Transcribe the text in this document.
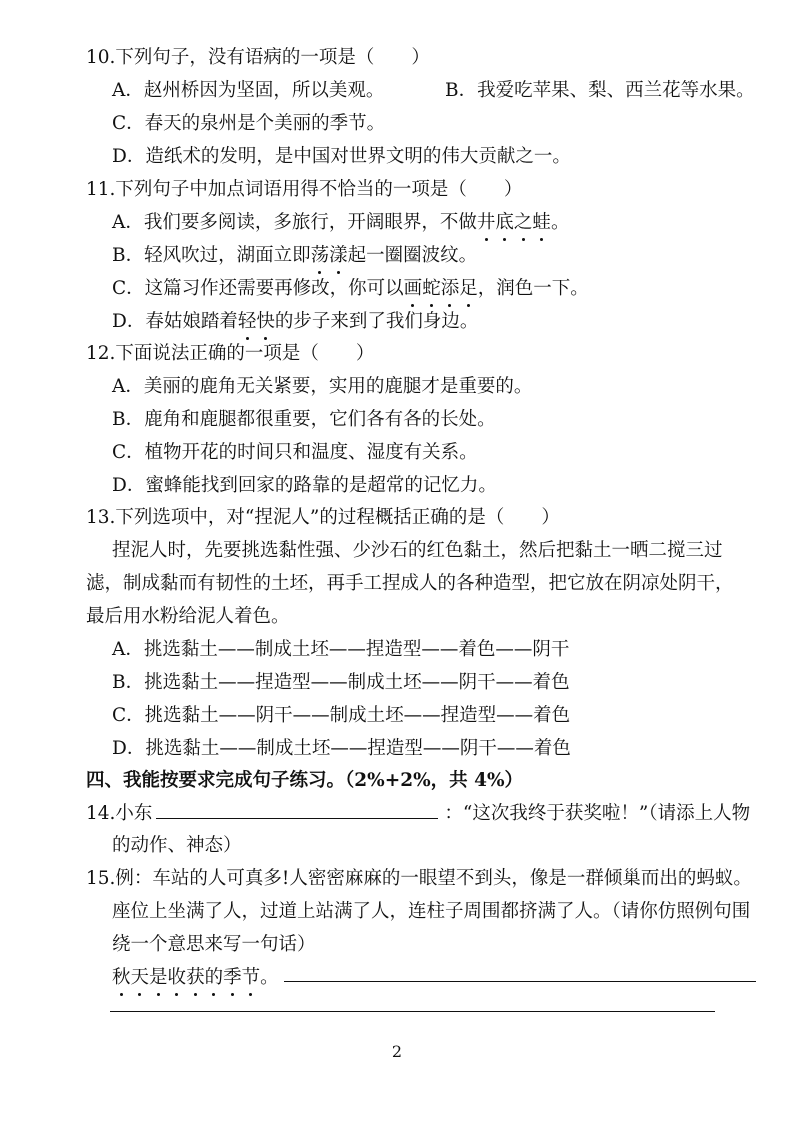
10.下列句子，没有语病的一项是（　　）
A．赵州桥因为坚固，所以美观。	B．我爱吃苹果、梨、西兰花等水果。
C．春天的泉州是个美丽的季节。
D．造纸术的发明，是中国对世界文明的伟大贡献之一。
11.下列句子中加点词语用得不恰当的一项是（　　）
A．我们要多阅读，多旅行，开阔眼界，不做井底之蛙。
B．轻风吹过，湖面立即荡漾起一圈圈波纹。
C．这篇习作还需要再修改，你可以画蛇添足，润色一下。
D．春姑娘踏着轻快的步子来到了我们身边。
12.下面说法正确的一项是（　　）
A．美丽的鹿角无关紧要，实用的鹿腿才是重要的。
B．鹿角和鹿腿都很重要，它们各有各的长处。
C．植物开花的时间只和温度、湿度有关系。
D．蜜蜂能找到回家的路靠的是超常的记忆力。
13.下列选项中，对“捏泥人”的过程概括正确的是（　　）
捏泥人时，先要挑选黏性强、少沙石的红色黏土，然后把黏土一晒二搅三过
滤，制成黏而有韧性的土坯，再手工捏成人的各种造型，把它放在阴凉处阴干，
最后用水粉给泥人着色。
A．挑选黏土——制成土坯——捏造型——着色——阴干
B．挑选黏土——捏造型——制成土坯——阴干——着色
C．挑选黏土——阴干——制成土坯——捏造型——着色
D．挑选黏土——制成土坯——捏造型——阴干——着色
四、我能按要求完成句子练习。（2%+2%，共 4%）
14.小东	：“这次我终于获奖啦！”（请添上人物
的动作、神态）
15.例：车站的人可真多!人密密麻麻的一眼望不到头，像是一群倾巢而出的蚂蚁。
座位上坐满了人，过道上站满了人，连柱子周围都挤满了人。（请你仿照例句围
绕一个意思来写一句话）
秋天是收获的季节。
2
